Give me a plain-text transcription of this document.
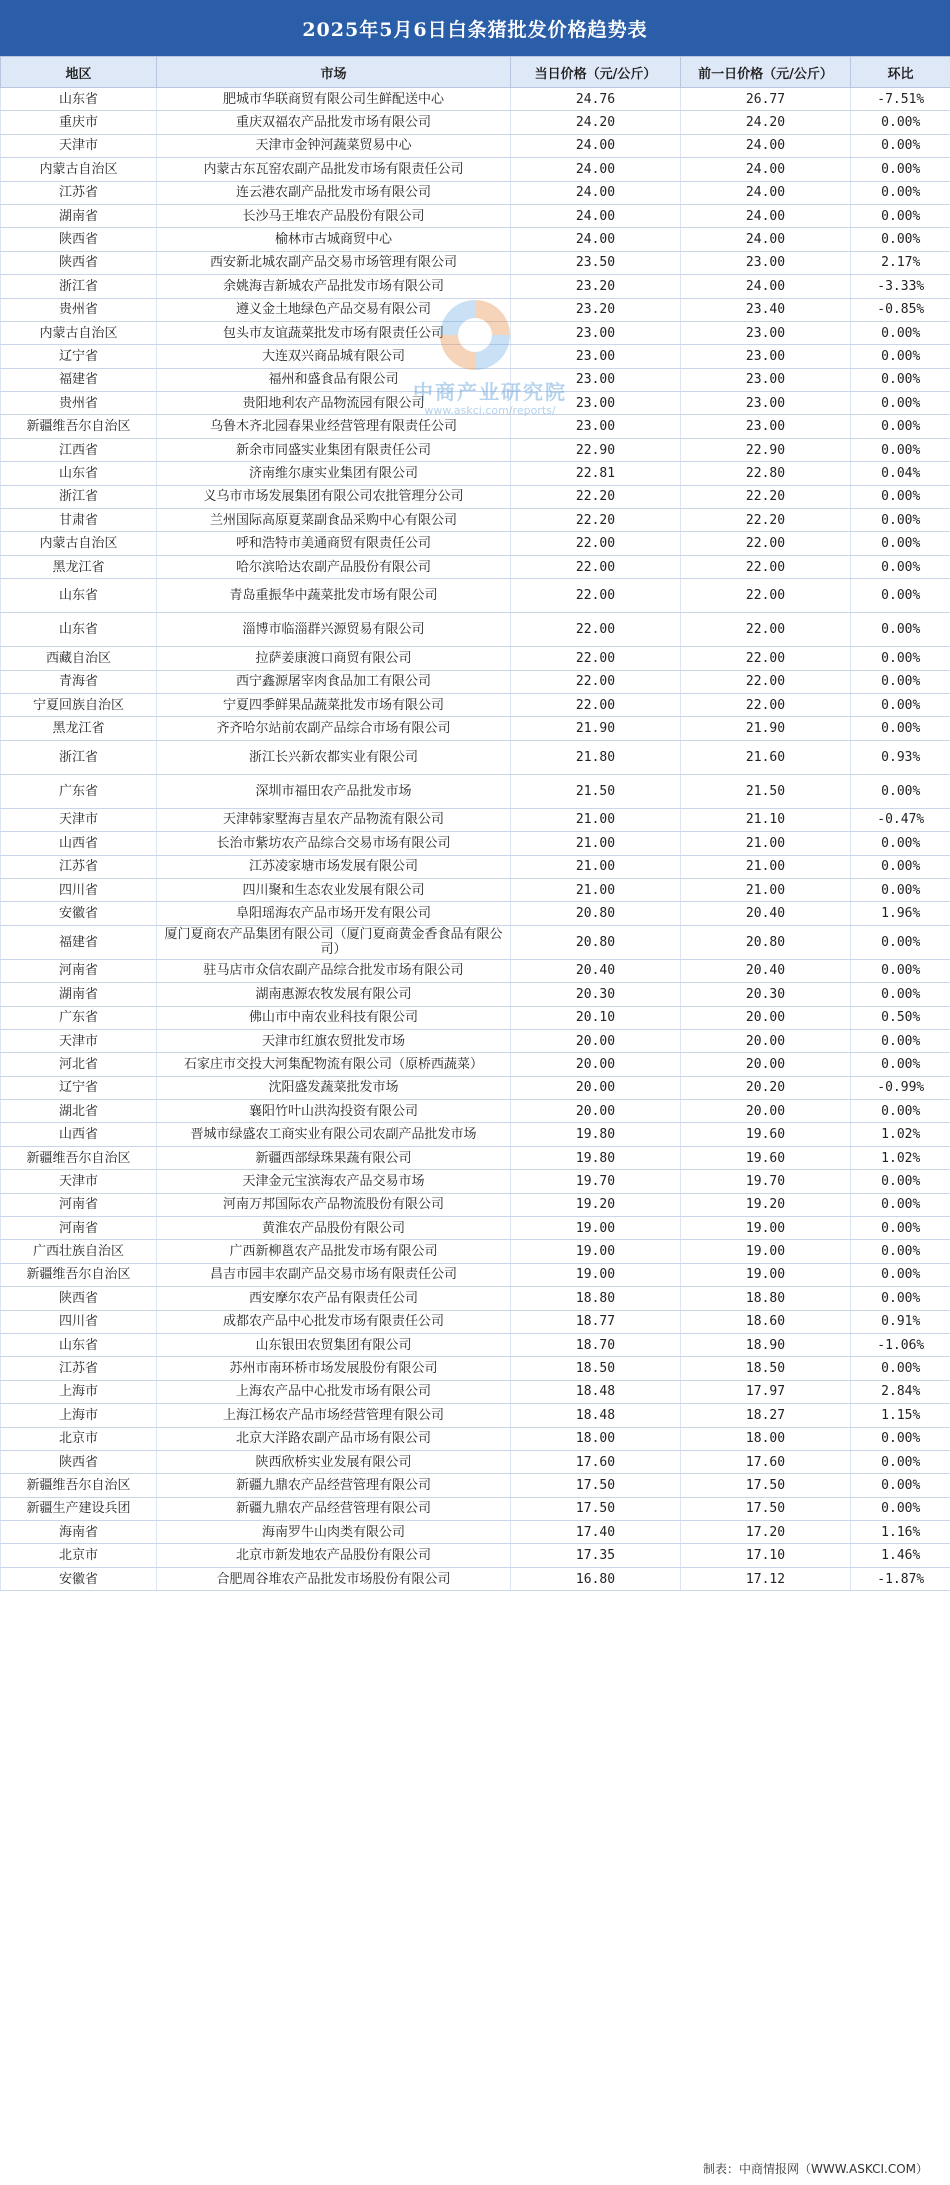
2025年5月6日白条猪批发价格趋势表
地区	市场	当日价格（元/公斤）	前一日价格（元/公斤）	环比
山东省	肥城市华联商贸有限公司生鲜配送中心	24.76	26.77	-7.51%
重庆市	重庆双福农产品批发市场有限公司	24.20	24.20	0.00%
天津市	天津市金钟河蔬菜贸易中心	24.00	24.00	0.00%
内蒙古自治区	内蒙古东瓦窑农副产品批发市场有限责任公司	24.00	24.00	0.00%
江苏省	连云港农副产品批发市场有限公司	24.00	24.00	0.00%
湖南省	长沙马王堆农产品股份有限公司	24.00	24.00	0.00%
陕西省	榆林市古城商贸中心	24.00	24.00	0.00%
陕西省	西安新北城农副产品交易市场管理有限公司	23.50	23.00	2.17%
浙江省	余姚海吉新城农产品批发市场有限公司	23.20	24.00	-3.33%
贵州省	遵义金土地绿色产品交易有限公司	23.20	23.40	-0.85%
内蒙古自治区	包头市友谊蔬菜批发市场有限责任公司	23.00	23.00	0.00%
辽宁省	大连双兴商品城有限公司	23.00	23.00	0.00%
福建省	福州和盛食品有限公司	23.00	23.00	0.00%
贵州省	贵阳地利农产品物流园有限公司	23.00	23.00	0.00%
新疆维吾尔自治区	乌鲁木齐北园春果业经营管理有限责任公司	23.00	23.00	0.00%
江西省	新余市同盛实业集团有限责任公司	22.90	22.90	0.00%
山东省	济南维尔康实业集团有限公司	22.81	22.80	0.04%
浙江省	义乌市市场发展集团有限公司农批管理分公司	22.20	22.20	0.00%
甘肃省	兰州国际高原夏菜副食品采购中心有限公司	22.20	22.20	0.00%
内蒙古自治区	呼和浩特市美通商贸有限责任公司	22.00	22.00	0.00%
黑龙江省	哈尔滨哈达农副产品股份有限公司	22.00	22.00	0.00%
山东省	青岛重振华中蔬菜批发市场有限公司	22.00	22.00	0.00%
山东省	淄博市临淄群兴源贸易有限公司	22.00	22.00	0.00%
西藏自治区	拉萨姜康渡口商贸有限公司	22.00	22.00	0.00%
青海省	西宁鑫源屠宰肉食品加工有限公司	22.00	22.00	0.00%
宁夏回族自治区	宁夏四季鲜果品蔬菜批发市场有限公司	22.00	22.00	0.00%
黑龙江省	齐齐哈尔站前农副产品综合市场有限公司	21.90	21.90	0.00%
浙江省	浙江长兴新农都实业有限公司	21.80	21.60	0.93%
广东省	深圳市福田农产品批发市场	21.50	21.50	0.00%
天津市	天津韩家墅海吉星农产品物流有限公司	21.00	21.10	-0.47%
山西省	长治市紫坊农产品综合交易市场有限公司	21.00	21.00	0.00%
江苏省	江苏凌家塘市场发展有限公司	21.00	21.00	0.00%
四川省	四川聚和生态农业发展有限公司	21.00	21.00	0.00%
安徽省	阜阳瑶海农产品市场开发有限公司	20.80	20.40	1.96%
福建省	厦门夏商农产品集团有限公司（厦门夏商黄金香食品有限公司）	20.80	20.80	0.00%
河南省	驻马店市众信农副产品综合批发市场有限公司	20.40	20.40	0.00%
湖南省	湖南惠源农牧发展有限公司	20.30	20.30	0.00%
广东省	佛山市中南农业科技有限公司	20.10	20.00	0.50%
天津市	天津市红旗农贸批发市场	20.00	20.00	0.00%
河北省	石家庄市交投大河集配物流有限公司（原桥西蔬菜）	20.00	20.00	0.00%
辽宁省	沈阳盛发蔬菜批发市场	20.00	20.20	-0.99%
湖北省	襄阳竹叶山洪沟投资有限公司	20.00	20.00	0.00%
山西省	晋城市绿盛农工商实业有限公司农副产品批发市场	19.80	19.60	1.02%
新疆维吾尔自治区	新疆西部绿珠果蔬有限公司	19.80	19.60	1.02%
天津市	天津金元宝滨海农产品交易市场	19.70	19.70	0.00%
河南省	河南万邦国际农产品物流股份有限公司	19.20	19.20	0.00%
河南省	黄淮农产品股份有限公司	19.00	19.00	0.00%
广西壮族自治区	广西新柳邕农产品批发市场有限公司	19.00	19.00	0.00%
新疆维吾尔自治区	昌吉市园丰农副产品交易市场有限责任公司	19.00	19.00	0.00%
陕西省	西安摩尔农产品有限责任公司	18.80	18.80	0.00%
四川省	成都农产品中心批发市场有限责任公司	18.77	18.60	0.91%
山东省	山东银田农贸集团有限公司	18.70	18.90	-1.06%
江苏省	苏州市南环桥市场发展股份有限公司	18.50	18.50	0.00%
上海市	上海农产品中心批发市场有限公司	18.48	17.97	2.84%
上海市	上海江杨农产品市场经营管理有限公司	18.48	18.27	1.15%
北京市	北京大洋路农副产品市场有限公司	18.00	18.00	0.00%
陕西省	陕西欣桥实业发展有限公司	17.60	17.60	0.00%
新疆维吾尔自治区	新疆九鼎农产品经营管理有限公司	17.50	17.50	0.00%
新疆生产建设兵团	新疆九鼎农产品经营管理有限公司	17.50	17.50	0.00%
海南省	海南罗牛山肉类有限公司	17.40	17.20	1.16%
北京市	北京市新发地农产品股份有限公司	17.35	17.10	1.46%
安徽省	合肥周谷堆农产品批发市场股份有限公司	16.80	17.12	-1.87%
中商产业研究院
www.askci.com/reports/
制表：中商情报网（WWW.ASKCI.COM）
